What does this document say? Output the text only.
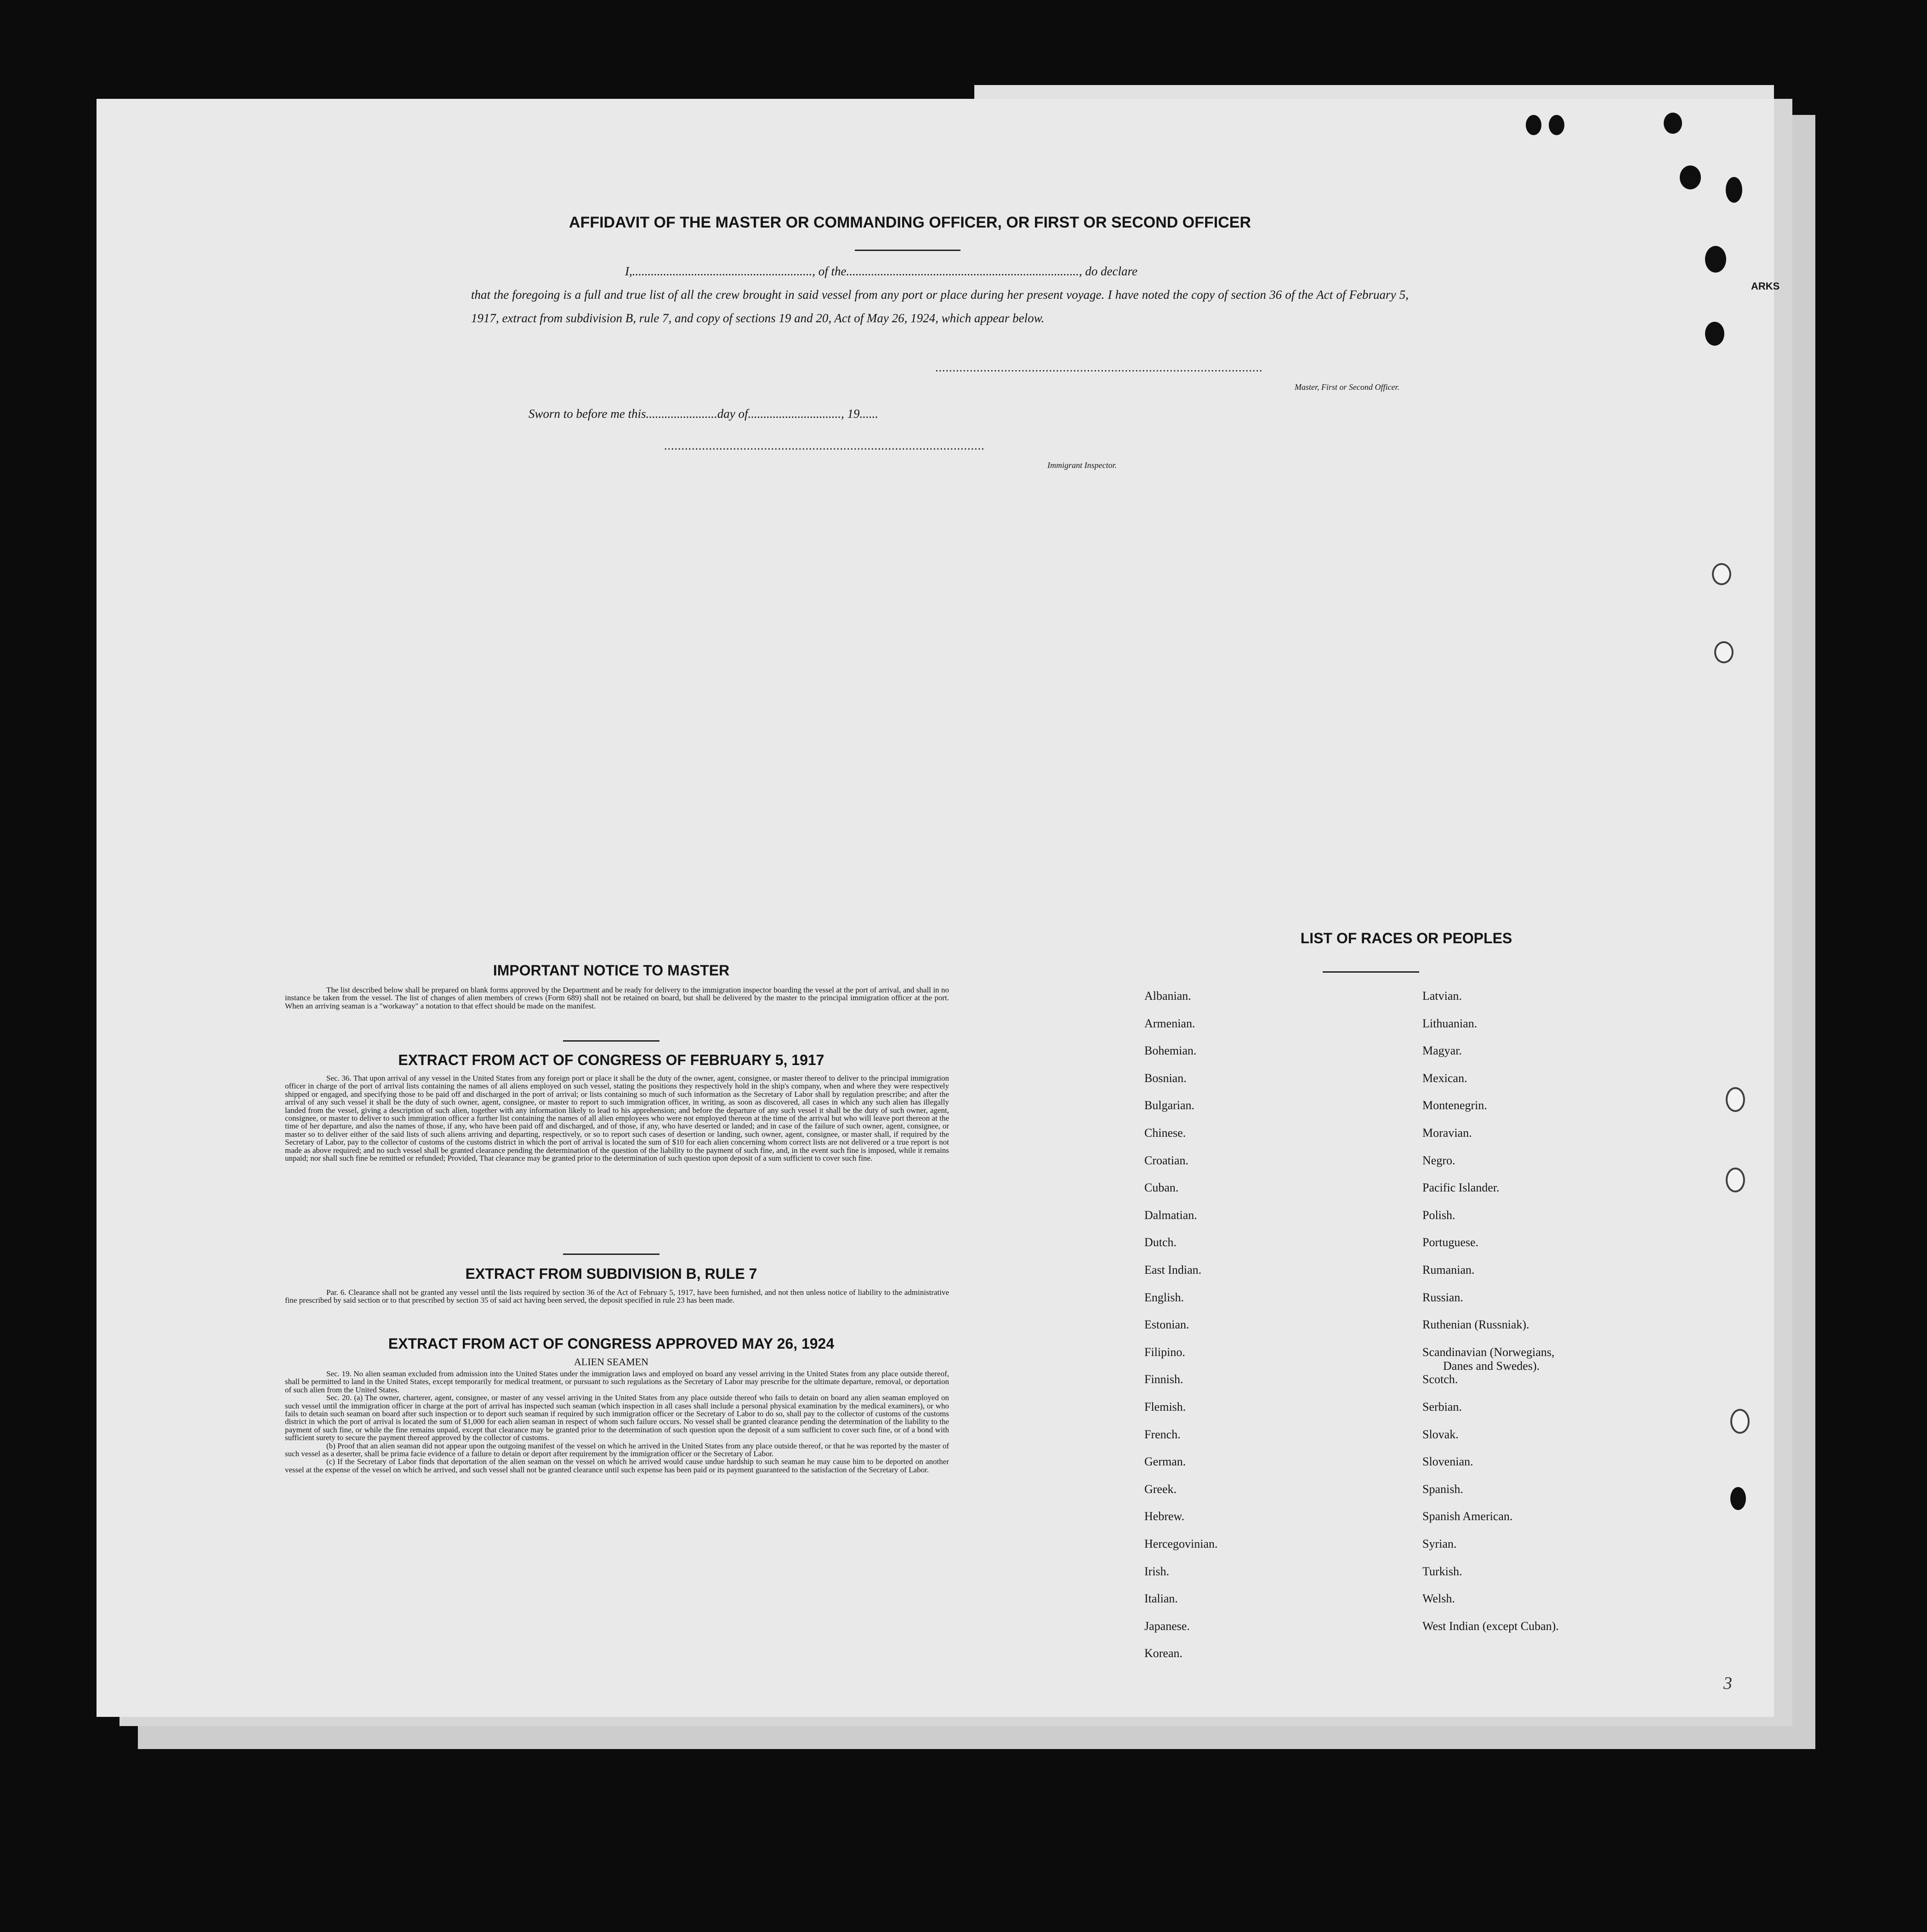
AFFIDAVIT OF THE MASTER OR COMMANDING OFFICER, OR FIRST OR SECOND OFFICER
I,.........................................................., of the..........................................................................., do declare
that the foregoing is a full and true list of all the crew brought in said vessel from any port or place during her present voyage. I have noted the copy of section 36 of the Act of February 5, 1917, extract from subdivision B, rule 7, and copy of sections 19 and 20, Act of May 26, 1924, which appear below.
...............................................................................................
Master, First or Second Officer.
Sworn to before me this.......................day of.............................., 19......
.............................................................................................
Immigrant Inspector.
IMPORTANT NOTICE TO MASTER
The list described below shall be prepared on blank forms approved by the Department and be ready for delivery to the immigration inspector boarding the vessel at the port of arrival, and shall in no instance be taken from the vessel. The list of changes of alien members of crews (Form 689) shall not be retained on board, but shall be delivered by the master to the principal immigration officer at the port. When an arriving seaman is a "workaway" a notation to that effect should be made on the manifest.
EXTRACT FROM ACT OF CONGRESS OF FEBRUARY 5, 1917
Sec. 36. That upon arrival of any vessel in the United States from any foreign port or place it shall be the duty of the owner, agent, consignee, or master thereof to deliver to the principal immigration officer in charge of the port of arrival lists containing the names of all aliens employed on such vessel, stating the positions they respectively hold in the ship's company, when and where they were respectively shipped or engaged, and specifying those to be paid off and discharged in the port of arrival; or lists containing so much of such information as the Secretary of Labor shall by regulation prescribe; and after the arrival of any such vessel it shall be the duty of such owner, agent, consignee, or master to report to such immigration officer, in writing, as soon as discovered, all cases in which any such alien has illegally landed from the vessel, giving a description of such alien, together with any information likely to lead to his apprehension; and before the departure of any such vessel it shall be the duty of such owner, agent, consignee, or master to deliver to such immigration officer a further list containing the names of all alien employees who were not employed thereon at the time of the arrival but who will leave port thereon at the time of her departure, and also the names of those, if any, who have been paid off and discharged, and of those, if any, who have deserted or landed; and in case of the failure of such owner, agent, consignee, or master so to deliver either of the said lists of such aliens arriving and departing, respectively, or so to report such cases of desertion or landing, such owner, agent, consignee, or master shall, if required by the Secretary of Labor, pay to the collector of customs of the customs district in which the port of arrival is located the sum of $10 for each alien concerning whom correct lists are not delivered or a true report is not made as above required; and no such vessel shall be granted clearance pending the determination of the question of the liability to the payment of such fine, and, in the event such fine is imposed, while it remains unpaid; nor shall such fine be remitted or refunded; Provided, That clearance may be granted prior to the determination of such question upon deposit of a sum sufficient to cover such fine.
EXTRACT FROM SUBDIVISION B, RULE 7
Par. 6. Clearance shall not be granted any vessel until the lists required by section 36 of the Act of February 5, 1917, have been furnished, and not then unless notice of liability to the administrative fine prescribed by said section or to that prescribed by section 35 of said act having been served, the deposit specified in rule 23 has been made.
EXTRACT FROM ACT OF CONGRESS APPROVED MAY 26, 1924
ALIEN SEAMEN
Sec. 19. No alien seaman excluded from admission into the United States under the immigration laws and employed on board any vessel arriving in the United States from any place outside thereof, shall be permitted to land in the United States, except temporarily for medical treatment, or pursuant to such regulations as the Secretary of Labor may prescribe for the ultimate departure, removal, or deportation of such alien from the United States.
Sec. 20. (a) The owner, charterer, agent, consignee, or master of any vessel arriving in the United States from any place outside thereof who fails to detain on board any alien seaman employed on such vessel until the immigration officer in charge at the port of arrival has inspected such seaman (which inspection in all cases shall include a personal physical examination by the medical examiners), or who fails to detain such seaman on board after such inspection or to deport such seaman if required by such immigration officer or the Secretary of Labor to do so, shall pay to the collector of customs of the customs district in which the port of arrival is located the sum of $1,000 for each alien seaman in respect of whom such failure occurs. No vessel shall be granted clearance pending the determination of the liability to the payment of such fine, or while the fine remains unpaid, except that clearance may be granted prior to the determination of such question upon the deposit of a sum sufficient to cover such fine, or of a bond with sufficient surety to secure the payment thereof approved by the collector of customs.
(b) Proof that an alien seaman did not appear upon the outgoing manifest of the vessel on which he arrived in the United States from any place outside thereof, or that he was reported by the master of such vessel as a deserter, shall be prima facie evidence of a failure to detain or deport after requirement by the immigration officer or the Secretary of Labor.
(c) If the Secretary of Labor finds that deportation of the alien seaman on the vessel on which he arrived would cause undue hardship to such seaman he may cause him to be deported on another vessel at the expense of the vessel on which he arrived, and such vessel shall not be granted clearance until such expense has been paid or its payment guaranteed to the satisfaction of the Secretary of Labor.
LIST OF RACES OR PEOPLES
Albanian.
Armenian.
Bohemian.
Bosnian.
Bulgarian.
Chinese.
Croatian.
Cuban.
Dalmatian.
Dutch.
East Indian.
English.
Estonian.
Filipino.
Finnish.
Flemish.
French.
German.
Greek.
Hebrew.
Hercegovinian.
Irish.
Italian.
Japanese.
Korean.
Latvian.
Lithuanian.
Magyar.
Mexican.
Montenegrin.
Moravian.
Negro.
Pacific Islander.
Polish.
Portuguese.
Rumanian.
Russian.
Ruthenian (Russniak).
Scandinavian (Norwegians,
Danes and Swedes).
Scotch.
Serbian.
Slovak.
Slovenian.
Spanish.
Spanish American.
Syrian.
Turkish.
Welsh.
West Indian (except Cuban).
ARKS
3
